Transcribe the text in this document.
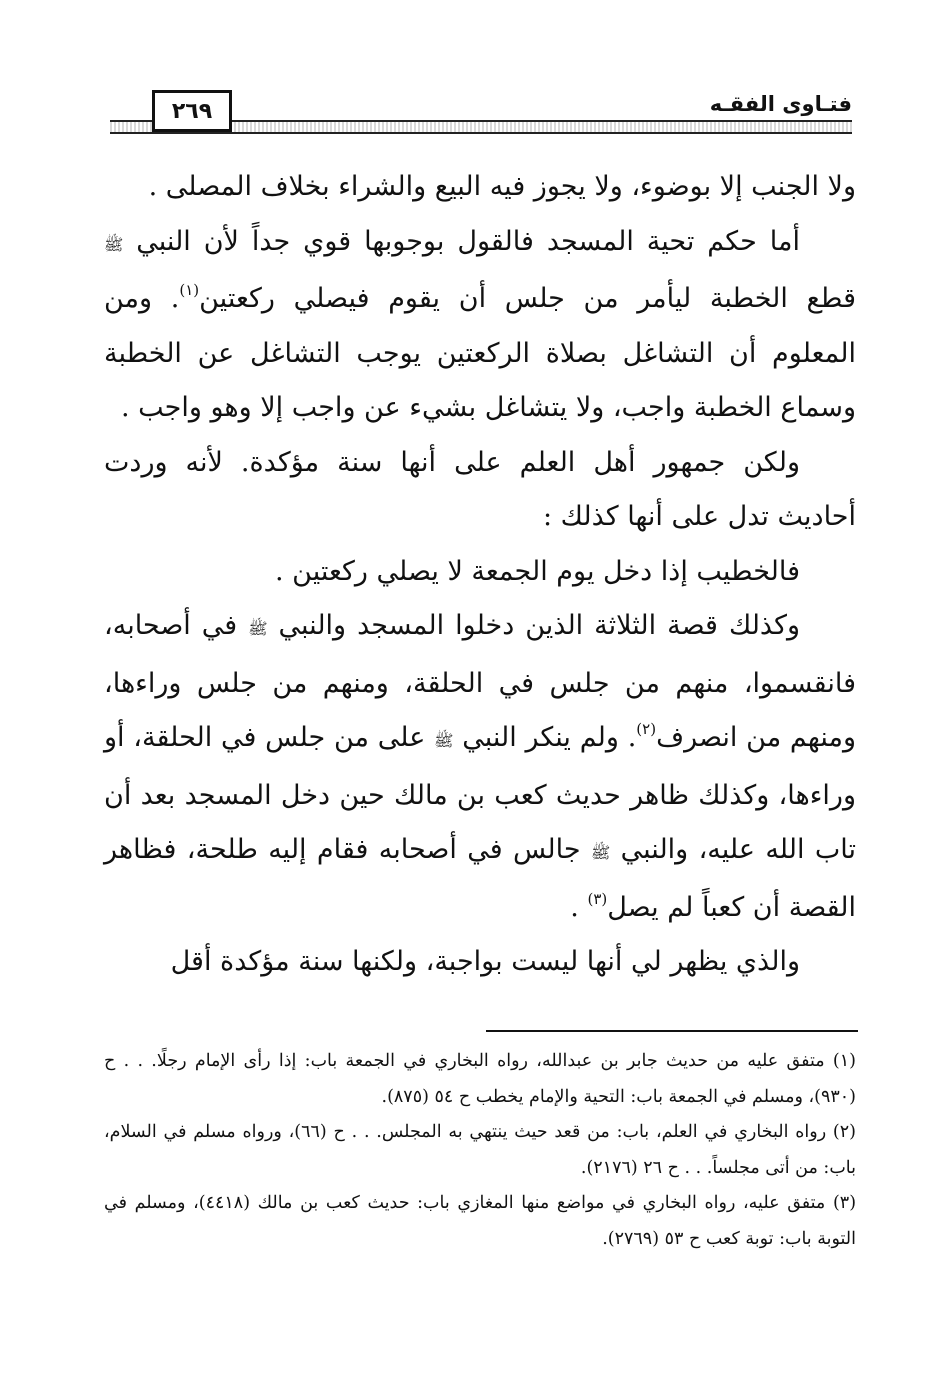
٢٦٩	فتـاوى الفقـه

ولا الجنب إلا بوضوء، ولا يجوز فيه البيع والشراء بخلاف المصلى .

أما حكم تحية المسجد فالقول بوجوبها قوي جداً لأن النبي ﷺ قطع الخطبة ليأمر من جلس أن يقوم فيصلي ركعتين$^{(١)}$. ومن المعلوم أن التشاغل بصلاة الركعتين يوجب التشاغل عن الخطبة وسماع الخطبة واجب، ولا يتشاغل بشيء عن واجب إلا وهو واجب .

ولكن جمهور أهل العلم على أنها سنة مؤكدة. لأنه وردت أحاديث تدل على أنها كذلك :

فالخطيب إذا دخل يوم الجمعة لا يصلي ركعتين .

وكذلك قصة الثلاثة الذين دخلوا المسجد والنبي ﷺ في أصحابه، فانقسموا، منهم من جلس في الحلقة، ومنهم من جلس وراءها، ومنهم من انصرف$^{(٢)}$. ولم ينكر النبي ﷺ على من جلس في الحلقة، أو وراءها، وكذلك ظاهر حديث كعب بن مالك حين دخل المسجد بعد أن تاب الله عليه، والنبي ﷺ جالس في أصحابه فقام إليه طلحة، فظاهر القصة أن كعباً لم يصل$^{(٣)}$ .

والذي يظهر لي أنها ليست بواجبة، ولكنها سنة مؤكدة أقل

(١) متفق عليه من حديث جابر بن عبدالله، رواه البخاري في الجمعة باب: إذا رأى الإمام رجلًا. . . ح (٩٣٠)، ومسلم في الجمعة باب: التحية والإمام يخطب ح ٥٤ (٨٧٥).

(٢) رواه البخاري في العلم، باب: من قعد حيث ينتهي به المجلس. . . ح (٦٦)، ورواه مسلم في السلام، باب: من أتى مجلساً. . . ح ٢٦ (٢١٧٦).

(٣) متفق عليه، رواه البخاري في مواضع منها المغازي باب: حديث كعب بن مالك (٤٤١٨)، ومسلم في التوبة باب: توبة كعب ح ٥٣ (٢٧٦٩).
